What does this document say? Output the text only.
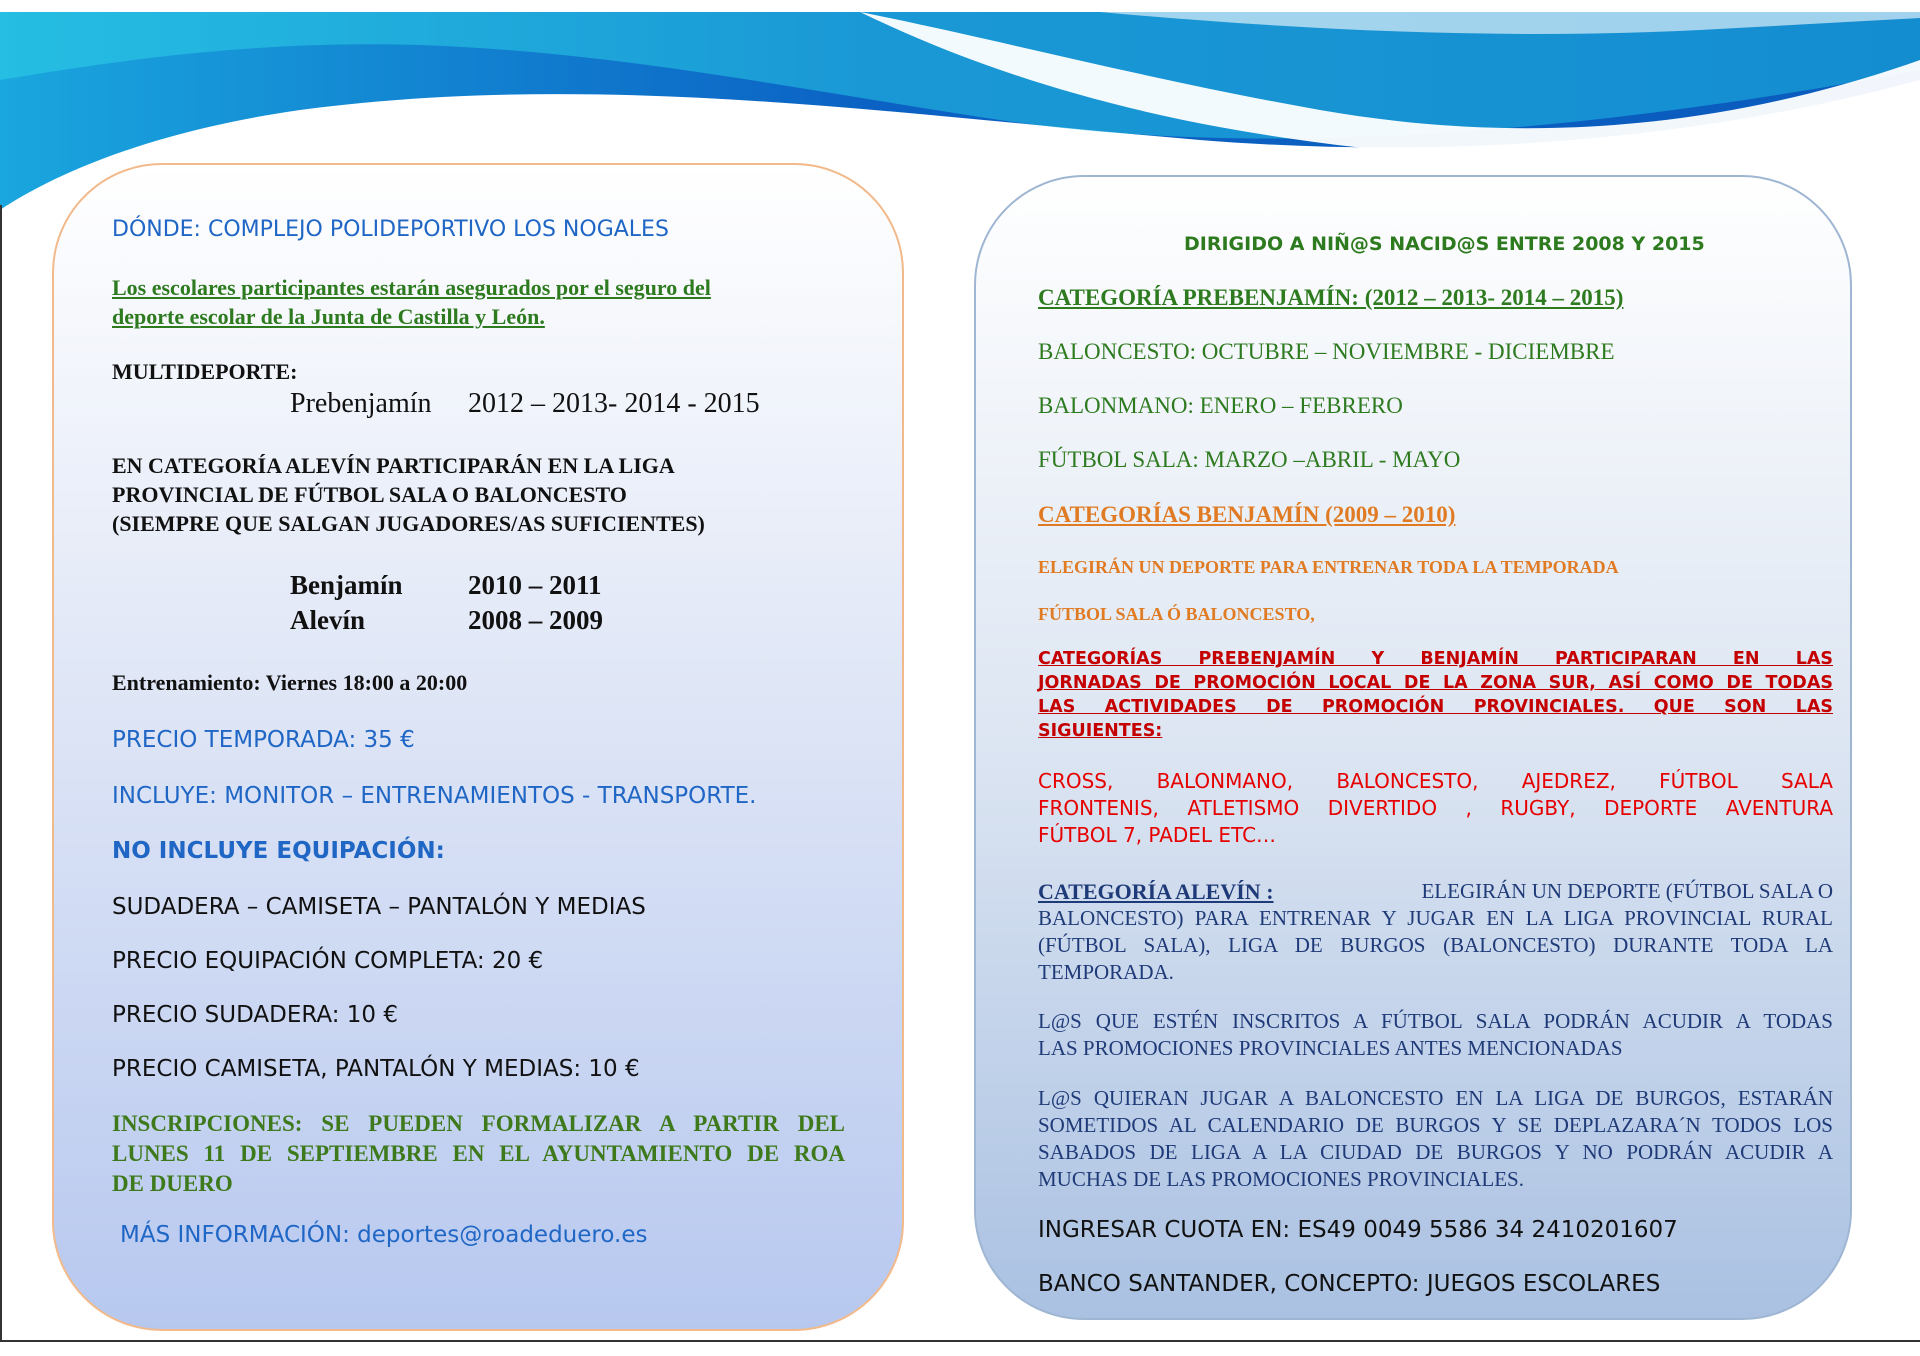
DÓNDE: COMPLEJO POLIDEPORTIVO LOS NOGALES
Los escolares participantes estarán asegurados por el seguro del
deporte escolar de la Junta de Castilla y León.
MULTIDEPORTE:
Prebenjamín 2012 – 2013- 2014 - 2015
EN CATEGORÍA ALEVÍN PARTICIPARÁN EN LA LIGA
PROVINCIAL DE FÚTBOL SALA O BALONCESTO
(SIEMPRE QUE SALGAN JUGADORES/AS SUFICIENTES)
Benjamín 2010 – 2011
Alevín	2008 – 2009
Entrenamiento: Viernes 18:00 a 20:00
PRECIO TEMPORADA: 35 €
INCLUYE: MONITOR – ENTRENAMIENTOS - TRANSPORTE.
NO INCLUYE EQUIPACIÓN:
SUDADERA – CAMISETA – PANTALÓN Y MEDIAS
PRECIO EQUIPACIÓN COMPLETA: 20 €
PRECIO SUDADERA: 10 €
PRECIO CAMISETA, PANTALÓN Y MEDIAS: 10 €
INSCRIPCIONES: SE PUEDEN FORMALIZAR A PARTIR DEL
LUNES 11 DE SEPTIEMBRE EN EL AYUNTAMIENTO DE ROA
DE DUERO
MÁS INFORMACIÓN: deportes@roadeduero.es
DIRIGIDO A NIÑ@S NACID@S ENTRE 2008 Y 2015
CATEGORÍA PREBENJAMÍN: (2012 – 2013- 2014 – 2015)
BALONCESTO: OCTUBRE – NOVIEMBRE - DICIEMBRE
BALONMANO: ENERO – FEBRERO
FÚTBOL SALA: MARZO –ABRIL - MAYO
CATEGORÍAS BENJAMÍN (2009 – 2010)
ELEGIRÁN UN DEPORTE PARA ENTRENAR TODA LA TEMPORADA
FÚTBOL SALA Ó BALONCESTO,
CATEGORÍAS PREBENJAMÍN Y BENJAMÍN PARTICIPARAN EN LAS
JORNADAS DE PROMOCIÓN LOCAL DE LA ZONA SUR, ASÍ COMO DE TODAS
LAS ACTIVIDADES DE PROMOCIÓN PROVINCIALES. QUE SON LAS
SIGUIENTES:
CROSS, BALONMANO, BALONCESTO, AJEDREZ, FÚTBOL SALA
FRONTENIS, ATLETISMO DIVERTIDO , RUGBY, DEPORTE AVENTURA
FÚTBOL 7, PADEL ETC…
CATEGORÍA ALEVÍN :	ELEGIRÁN UN DEPORTE (FÚTBOL SALA O
BALONCESTO) PARA ENTRENAR Y JUGAR EN LA LIGA PROVINCIAL RURAL
(FÚTBOL SALA), LIGA DE BURGOS (BALONCESTO) DURANTE TODA LA
TEMPORADA.
L@S QUE ESTÉN INSCRITOS A FÚTBOL SALA PODRÁN ACUDIR A TODAS
LAS PROMOCIONES PROVINCIALES ANTES MENCIONADAS
L@S QUIERAN JUGAR A BALONCESTO EN LA LIGA DE BURGOS, ESTARÁN
SOMETIDOS AL CALENDARIO DE BURGOS Y SE DEPLAZARA´N TODOS LOS
SABADOS DE LIGA A LA CIUDAD DE BURGOS Y NO PODRÁN ACUDIR A
MUCHAS DE LAS PROMOCIONES PROVINCIALES.
INGRESAR CUOTA EN: ES49 0049 5586 34 2410201607
BANCO SANTANDER, CONCEPTO: JUEGOS ESCOLARES
